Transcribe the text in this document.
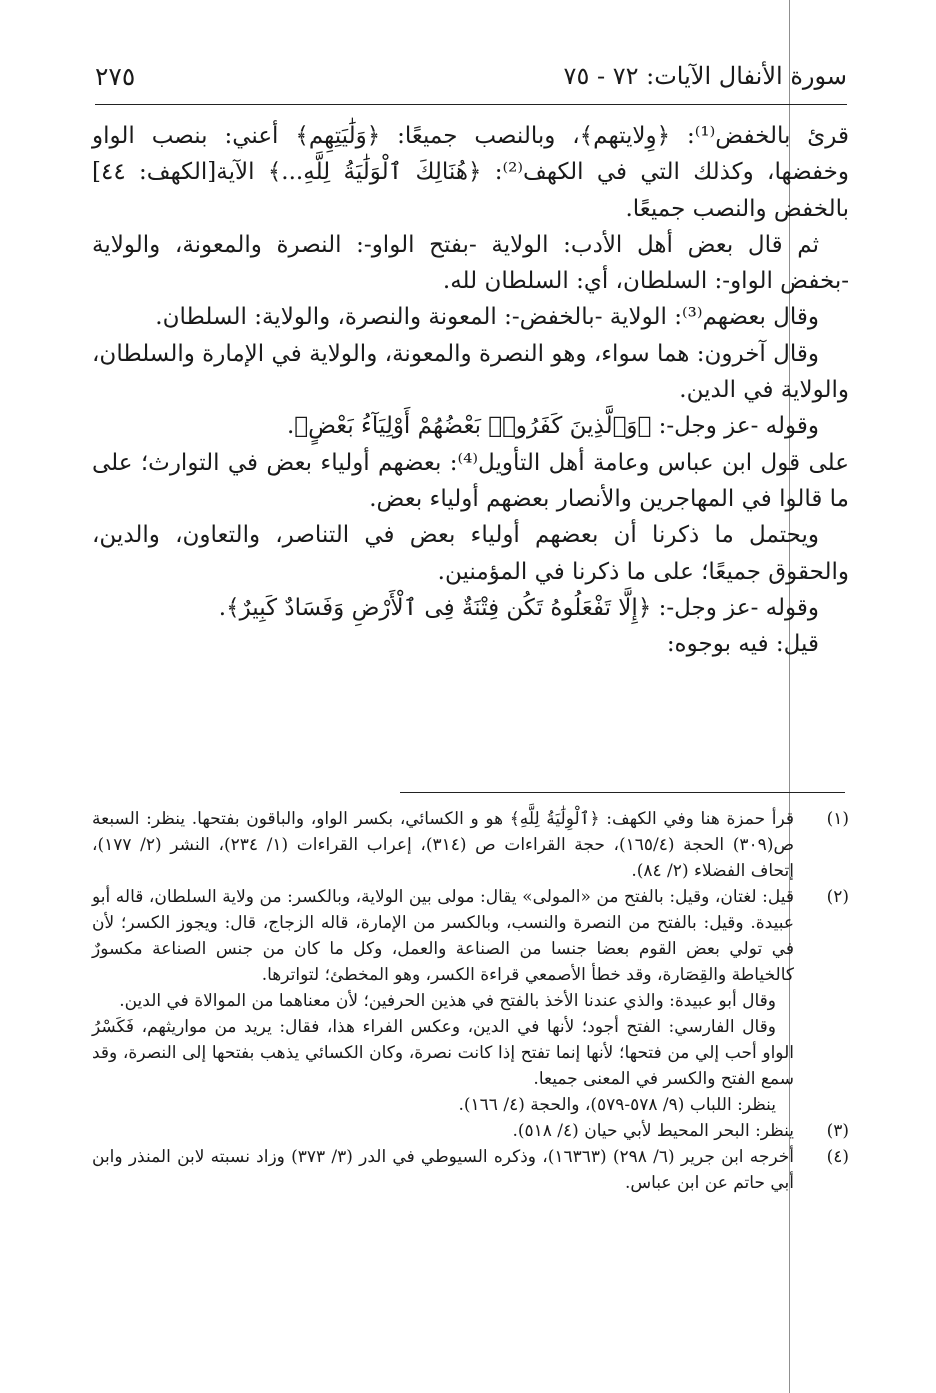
سورة الأنفال الآيات: ٧٢ - ٧٥
٢٧٥

قرئ بالخفض⁽¹⁾: ﴿وِلايتهم﴾، وبالنصب جميعًا: ﴿وَلَٰيَتِهِم﴾ أعني: بنصب الواو وخفضها، وكذلك التي في الكهف⁽²⁾: ﴿هُنَالِكَ ٱلْوَلَٰيَةُ لِلَّهِ...﴾ الآية[الكهف: ٤٤] بالخفض والنصب جميعًا.

ثم قال بعض أهل الأدب: الولاية -بفتح الواو-: النصرة والمعونة، والولاية -بخفض الواو-: السلطان، أي: السلطان لله.

وقال بعضهم⁽³⁾: الولاية -بالخفض-: المعونة والنصرة، والولاية: السلطان.

وقال آخرون: هما سواء، وهو النصرة والمعونة، والولاية في الإمارة والسلطان، والولاية في الدين.

وقوله -عز وجل-: ﴿وَٱلَّذِينَ كَفَرُوا۟ بَعْضُهُمْ أَوْلِيَآءُ بَعْضٍ﴾.

على قول ابن عباس وعامة أهل التأويل⁽⁴⁾: بعضهم أولياء بعض في التوارث؛ على ما قالوا في المهاجرين والأنصار بعضهم أولياء بعض.

ويحتمل ما ذكرنا أن بعضهم أولياء بعض في التناصر، والتعاون، والدين، والحقوق جميعًا؛ على ما ذكرنا في المؤمنين.

وقوله -عز وجل-: ﴿إِلَّا تَفْعَلُوهُ تَكُن فِتْنَةٌ فِى ٱلْأَرْضِ وَفَسَادٌ كَبِيرٌ﴾.

قيل: فيه بوجوه:

(١)

قرأ حمزة هنا وفي الكهف: ﴿ٱلْوِلَٰيَةُ لِلَّهِ﴾ هو و الكسائي، بكسر الواو، والباقون بفتحها. ينظر: السبعة ص(٣٠٩) الحجة (١٦٥/٤)، حجة القراءات ص (٣١٤)، إعراب القراءات (١/ ٢٣٤)، النشر (٢/ ١٧٧)، إتحاف الفضلاء (٢/ ٨٤).

(٢)

قيل: لغتان، وقيل: بالفتح من «المولى» يقال: مولى بين الولاية، وبالكسر: من ولاية السلطان، قاله أبو عبيدة. وقيل: بالفتح من النصرة والنسب، وبالكسر من الإمارة، قاله الزجاج، قال: ويجوز الكسر؛ لأن في تولي بعض القوم بعضا جنسا من الصناعة والعمل، وكل ما كان من جنس الصناعة مكسورٌ كالخياطة والقِصَارة، وقد خطأ الأصمعي قراءة الكسر، وهو المخطئ؛ لتواترها.

وقال أبو عبيدة: والذي عندنا الأخذ بالفتح في هذين الحرفين؛ لأن معناهما من الموالاة في الدين.

وقال الفارسي: الفتح أجود؛ لأنها في الدين، وعكس الفراء هذا، فقال: يريد من مواريثهم، فَكَسْرُ الواو أحب إلي من فتحها؛ لأنها إنما تفتح إذا كانت نصرة، وكان الكسائي يذهب بفتحها إلى النصرة، وقد سمع الفتح والكسر في المعنى جميعا.

ينظر: اللباب (٩/ ٥٧٨-٥٧٩)، والحجة (٤/ ١٦٦).

(٣)

ينظر: البحر المحيط لأبي حيان (٤/ ٥١٨).

(٤)

أخرجه ابن جرير (٦/ ٢٩٨) (١٦٣٦٣)، وذكره السيوطي في الدر (٣/ ٣٧٣) وزاد نسبته لابن المنذر وابن أبي حاتم عن ابن عباس.
